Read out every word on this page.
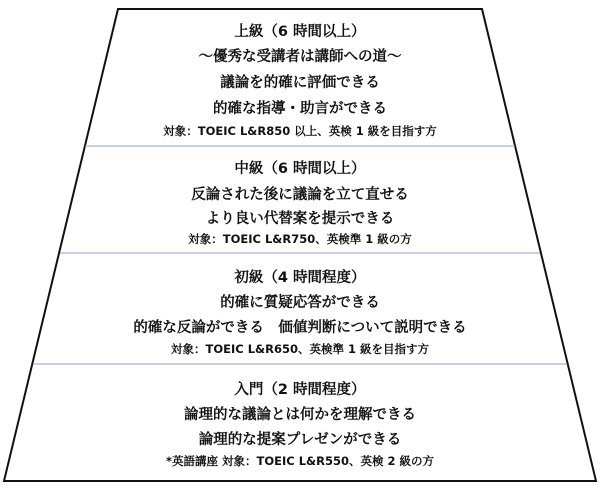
上級（6 時間以上）
〜優秀な受講者は講師への道〜
議論を的確に評価できる
的確な指導・助言ができる
対象：TOEIC L&R850 以上、英検 1 級を目指す方
中級（6 時間以上）
反論された後に議論を立て直せる
より良い代替案を提示できる
対象：TOEIC L&R750、英検準 1 級の方
初級（4 時間程度）
的確に質疑応答ができる
的確な反論ができる　価値判断について説明できる
対象：TOEIC L&R650、英検準 1 級を目指す方
入門（2 時間程度）
論理的な議論とは何かを理解できる
論理的な提案プレゼンができる
*英語講座 対象：TOEIC L&R550、英検 2 級の方
